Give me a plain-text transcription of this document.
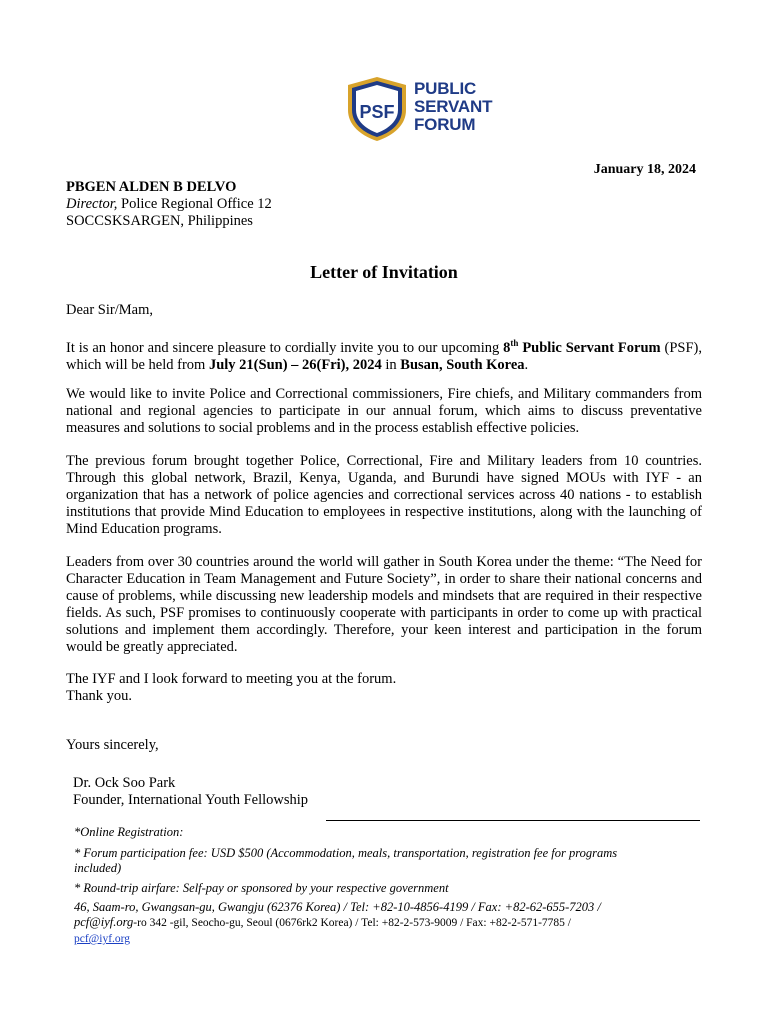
PSF
PUBLIC
SERVANT
FORUM
January 18, 2024
PBGEN ALDEN B DELVO
Director, Police Regional Office 12
SOCCSKSARGEN, Philippines
Letter of Invitation
Dear Sir/Mam,
It is an honor and sincere pleasure to cordially invite you to our upcoming 8th Public Servant Forum (PSF), which will be held from July 21(Sun) – 26(Fri), 2024 in Busan, South Korea.
We would like to invite Police and Correctional commissioners, Fire chiefs, and Military commanders from national and regional agencies to participate in our annual forum, which aims to discuss preventative measures and solutions to social problems and in the process establish effective policies.
The previous forum brought together Police, Correctional, Fire and Military leaders from 10 countries. Through this global network, Brazil, Kenya, Uganda, and Burundi have signed MOUs with IYF - an organization that has a network of police agencies and correctional services across 40 nations - to establish institutions that provide Mind Education to employees in respective institutions, along with the launching of Mind Education programs.
Leaders from over 30 countries around the world will gather in South Korea under the theme: “The Need for Character Education in Team Management and Future Society”, in order to share their national concerns and cause of problems, while discussing new leadership models and mindsets that are required in their respective fields. As such, PSF promises to continuously cooperate with participants in order to come up with practical solutions and implement them accordingly. Therefore, your keen interest and participation in the forum would be greatly appreciated.
The IYF and I look forward to meeting you at the forum.
Thank you.
Yours sincerely,
Dr. Ock Soo Park
Founder, International Youth Fellowship
*Online Registration:
* Forum participation fee: USD $500 (Accommodation, meals, transportation, registration fee for programs included)
* Round-trip airfare: Self-pay or sponsored by your respective government
46, Saam-ro, Gwangsan-gu, Gwangju (62376 Korea) / Tel: +82-10-4856-4199 / Fax: +82-62-655-7203 / pcf@iyf.org-ro 342 -gil, Seocho-gu, Seoul (0676rk2 Korea) / Tel: +82-2-573-9009 / Fax: +82-2-571-7785 /
pcf@iyf.org
